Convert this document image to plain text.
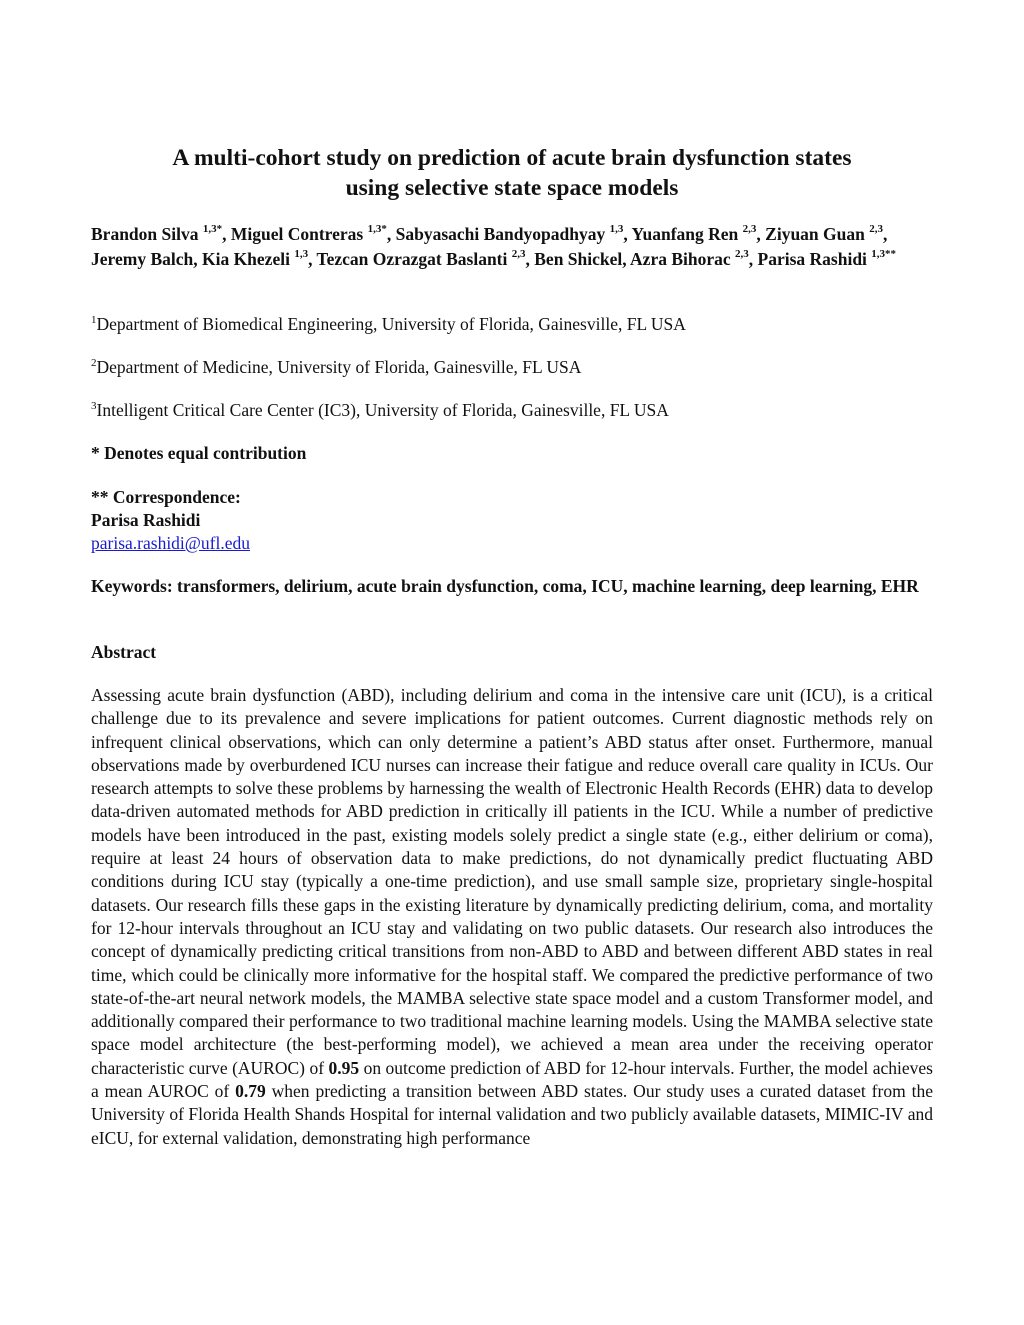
A multi-cohort study on prediction of acute brain dysfunction states
using selective state space models
Brandon Silva $^{1,3*}$, Miguel Contreras $^{1,3*}$, Sabyasachi Bandyopadhyay $^{1,3}$, Yuanfang Ren $^{2,3}$, Ziyuan Guan $^{2,3}$, Jeremy Balch, Kia Khezeli $^{1,3}$, Tezcan Ozrazgat Baslanti $^{2,3}$, Ben Shickel, Azra Bihorac $^{2,3}$, Parisa Rashidi $^{1,3**}$
$^1$Department of Biomedical Engineering, University of Florida, Gainesville, FL USA
$^2$Department of Medicine, University of Florida, Gainesville, FL USA
$^3$Intelligent Critical Care Center (IC3), University of Florida, Gainesville, FL USA
* Denotes equal contribution
** Correspondence:
Parisa Rashidi
parisa.rashidi@ufl.edu
Keywords: transformers, delirium, acute brain dysfunction, coma, ICU, machine learning, deep learning, EHR
Abstract
Assessing acute brain dysfunction (ABD), including delirium and coma in the intensive care unit (ICU), is a critical challenge due to its prevalence and severe implications for patient outcomes. Current diagnostic methods rely on infrequent clinical observations, which can only determine a patient’s ABD status after onset. Furthermore, manual observations made by overburdened ICU nurses can increase their fatigue and reduce overall care quality in ICUs. Our research attempts to solve these problems by harnessing the wealth of Electronic Health Records (EHR) data to develop data-driven automated methods for ABD prediction in critically ill patients in the ICU. While a number of predictive models have been introduced in the past, existing models solely predict a single state (e.g., either delirium or coma), require at least 24 hours of observation data to make predictions, do not dynamically predict fluctuating ABD conditions during ICU stay (typically a one-time prediction), and use small sample size, proprietary single-hospital datasets. Our research fills these gaps in the existing literature by dynamically predicting delirium, coma, and mortality for 12-hour intervals throughout an ICU stay and validating on two public datasets. Our research also introduces the concept of dynamically predicting critical transitions from non-ABD to ABD and between different ABD states in real time, which could be clinically more informative for the hospital staff. We compared the predictive performance of two state-of-the-art neural network models, the MAMBA selective state space model and a custom Transformer model, and additionally compared their performance to two traditional machine learning models. Using the MAMBA selective state space model architecture (the best-performing model), we achieved a mean area under the receiving operator characteristic curve (AUROC) of 0.95 on outcome prediction of ABD for 12-hour intervals. Further, the model achieves a mean AUROC of 0.79 when predicting a transition between ABD states. Our study uses a curated dataset from the University of Florida Health Shands Hospital for internal validation and two publicly available datasets, MIMIC-IV and eICU, for external validation, demonstrating high performance
